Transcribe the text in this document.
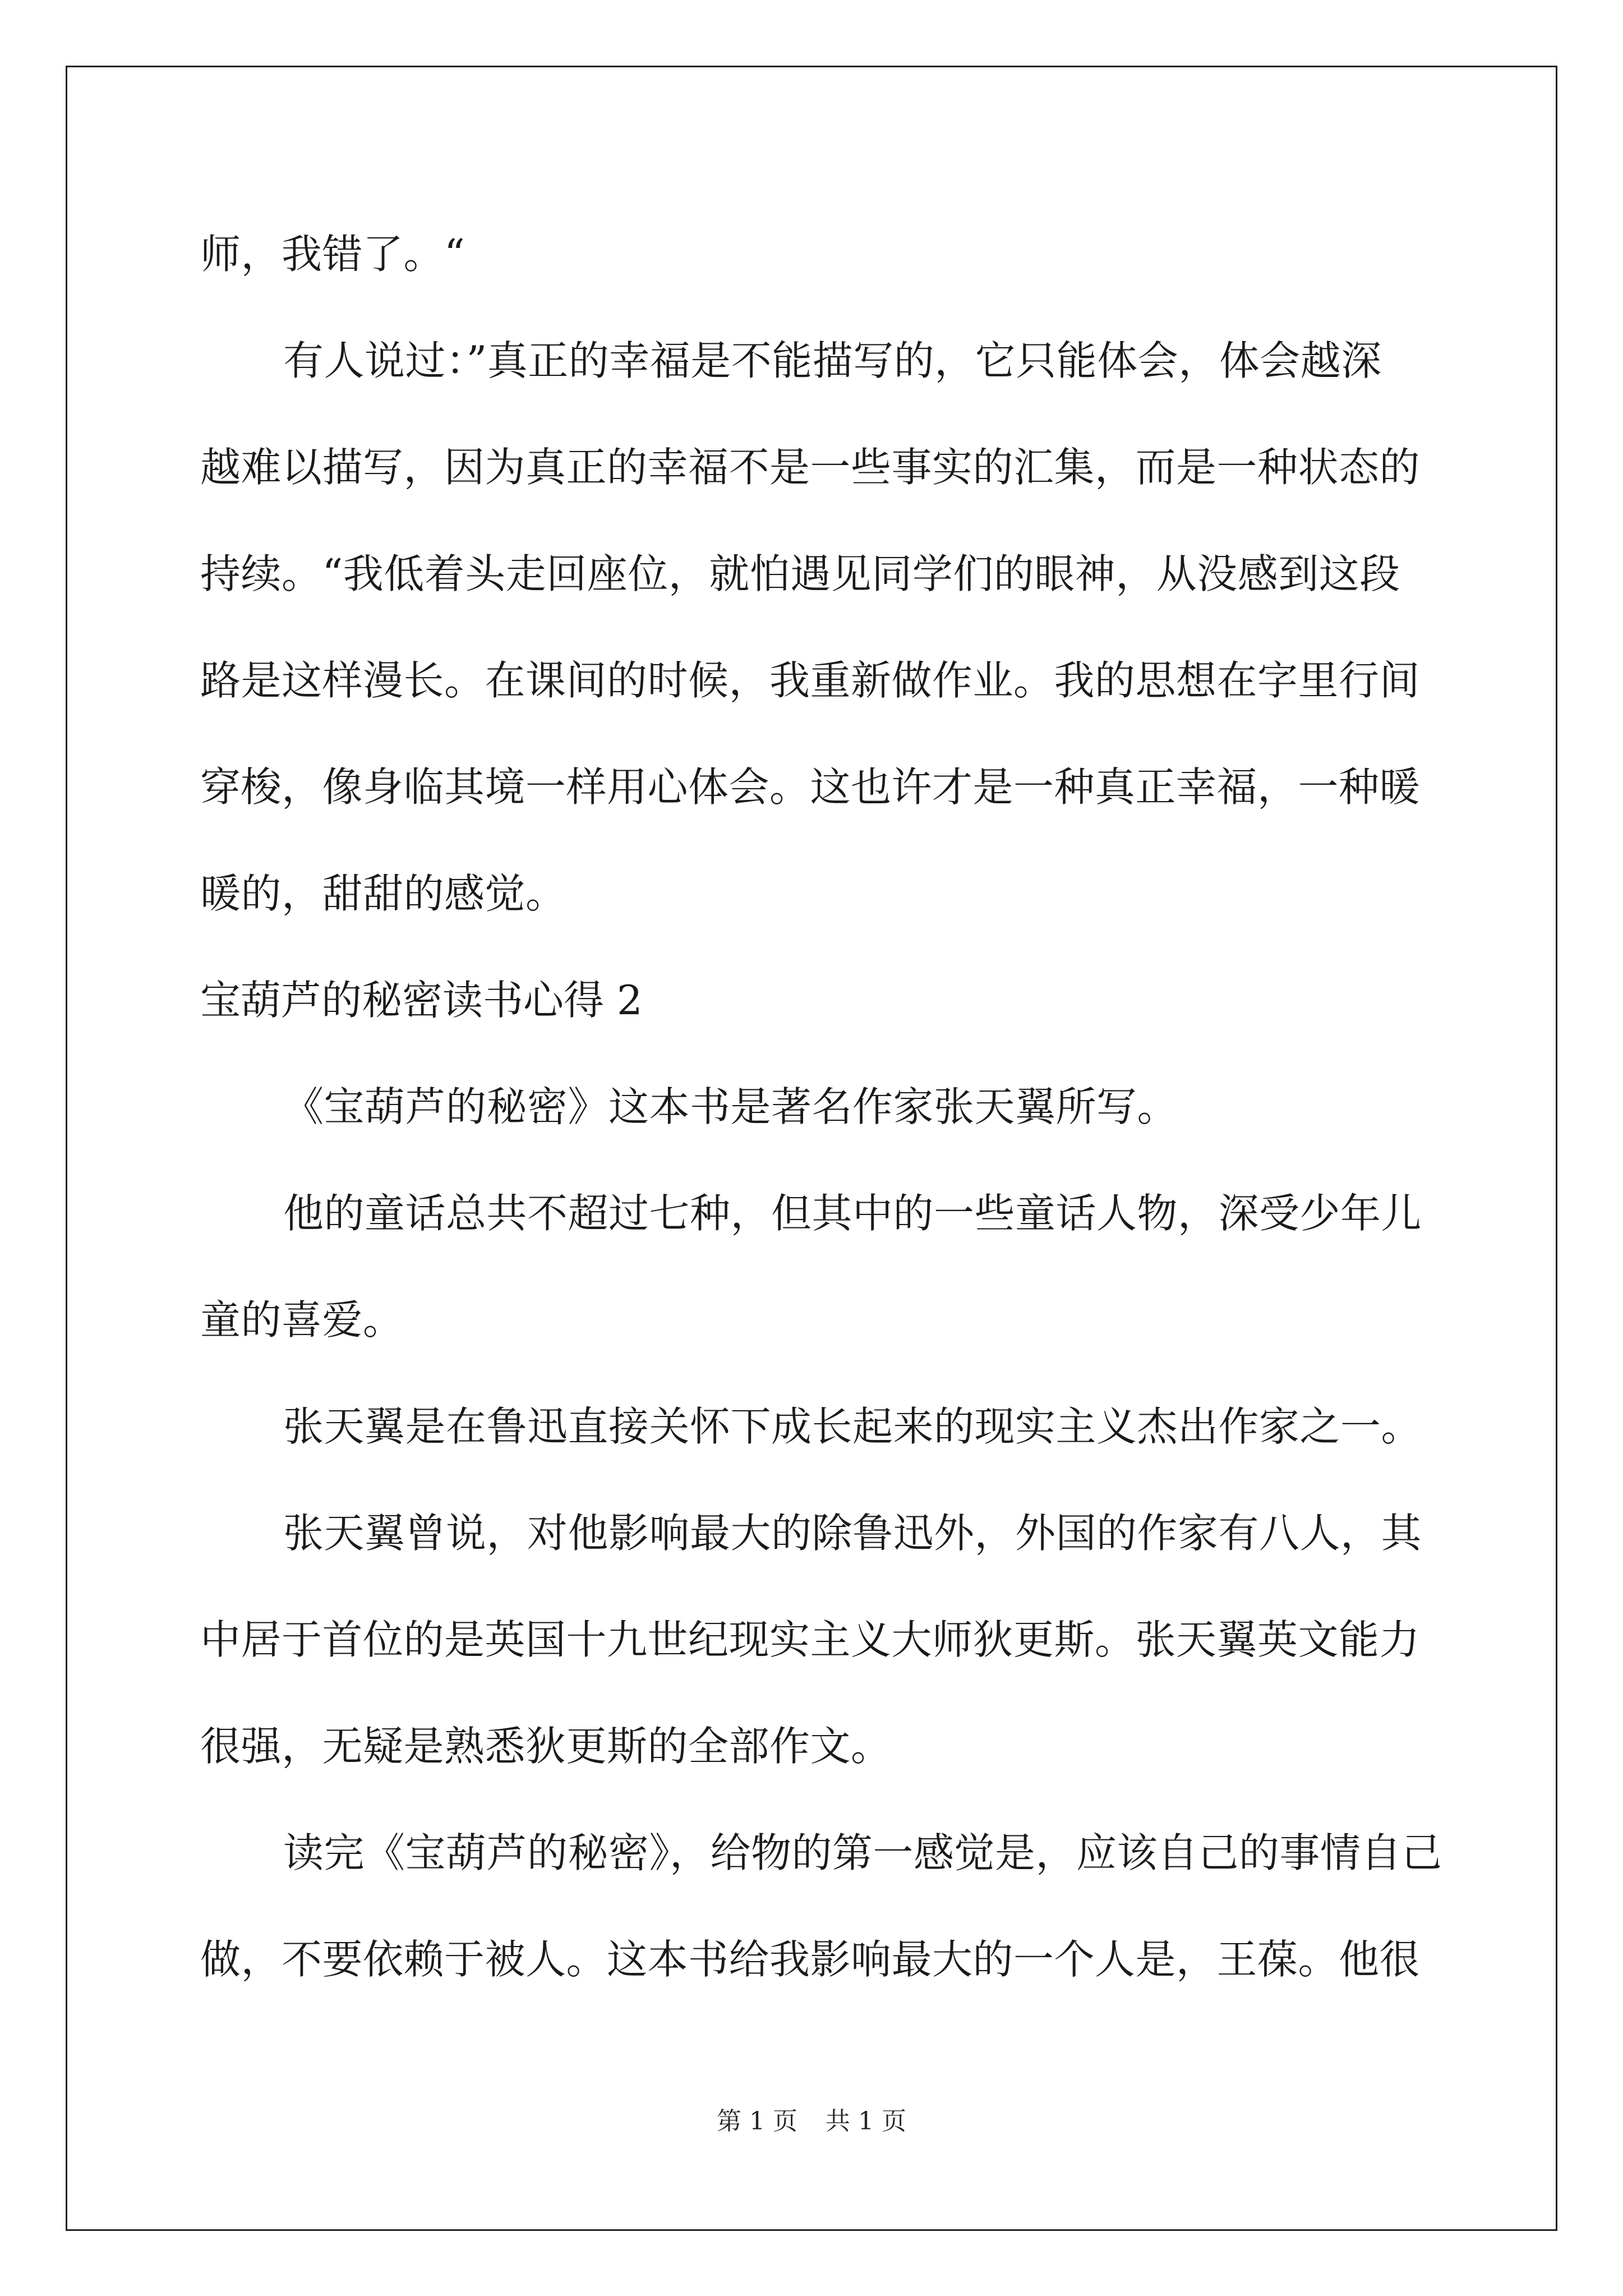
师，我错了。“
有人说过：”真正的幸福是不能描写的，它只能体会，体会越深
越难以描写，因为真正的幸福不是一些事实的汇集，而是一种状态的
持续。“我低着头走回座位，就怕遇见同学们的眼神，从没感到这段
路是这样漫长。在课间的时候，我重新做作业。我的思想在字里行间
穿梭，像身临其境一样用心体会。这也许才是一种真正幸福，一种暖
暖的，甜甜的感觉。
宝葫芦的秘密读书心得 2
《宝葫芦的秘密》这本书是著名作家张天翼所写。
他的童话总共不超过七种，但其中的一些童话人物，深受少年儿
童的喜爱。
张天翼是在鲁迅直接关怀下成长起来的现实主义杰出作家之一。
张天翼曾说，对他影响最大的除鲁迅外，外国的作家有八人，其
中居于首位的是英国十九世纪现实主义大师狄更斯。张天翼英文能力
很强，无疑是熟悉狄更斯的全部作文。
读完《宝葫芦的秘密》，给物的第一感觉是，应该自己的事情自己
做，不要依赖于被人。这本书给我影响最大的一个人是，王葆。他很
第 1 页 共 1 页
